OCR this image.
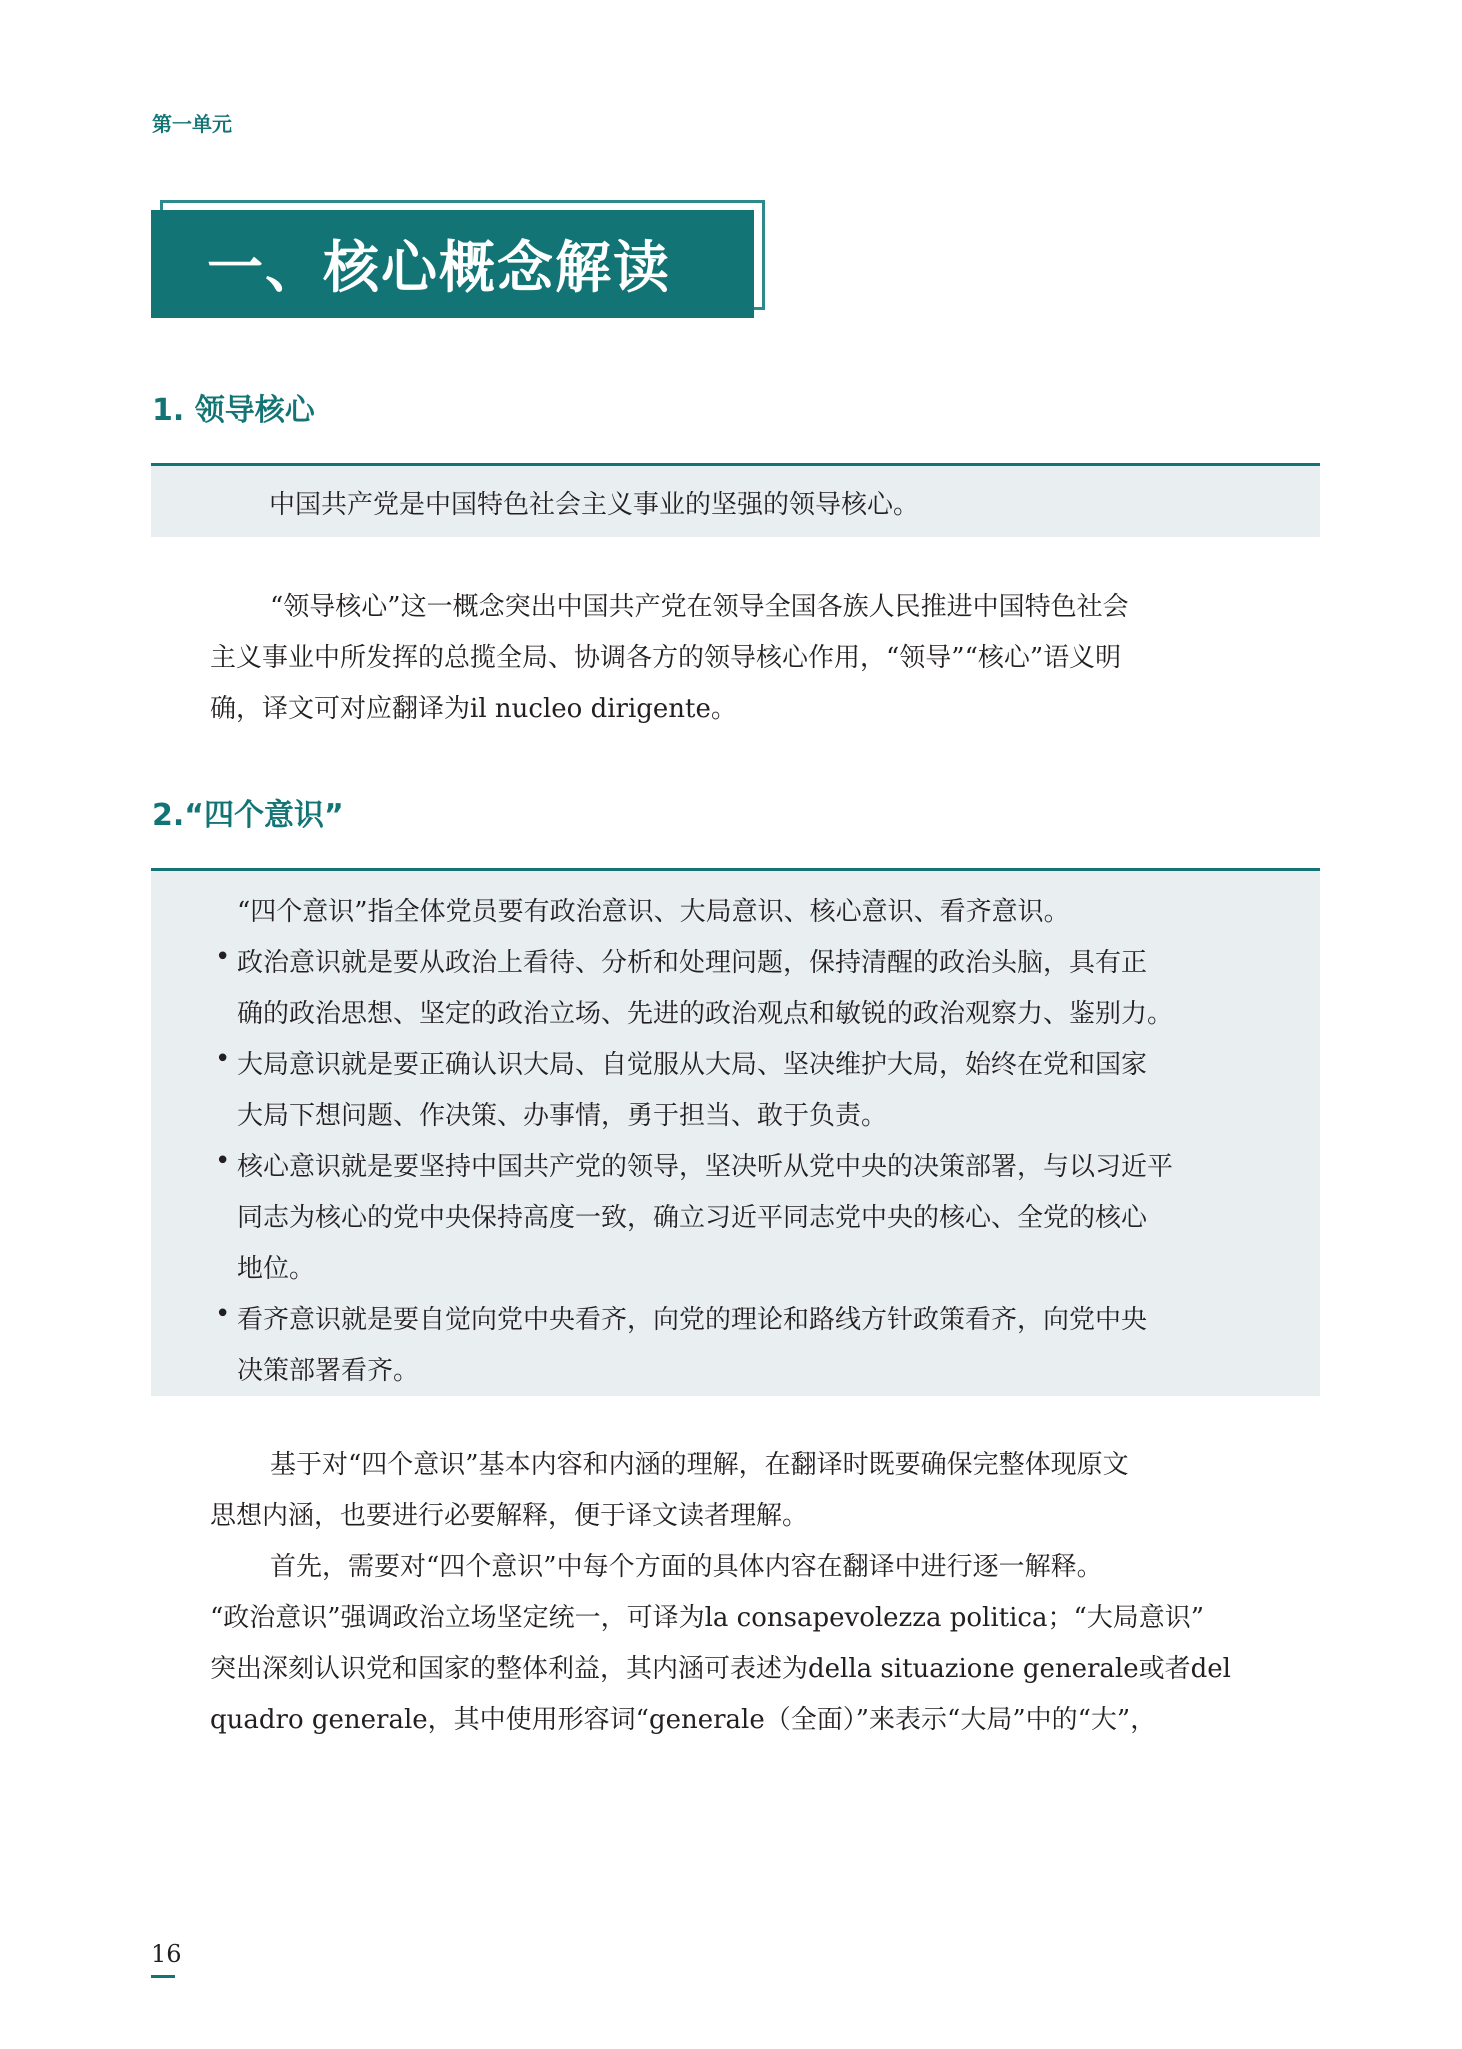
第一单元
一、核心概念解读
1. 领导核心
中国共产党是中国特色社会主义事业的坚强的领导核心。
“领导核心”这一概念突出中国共产党在领导全国各族人民推进中国特色社会
主义事业中所发挥的总揽全局、协调各方的领导核心作用，“领导”“核心”语义明
确，译文可对应翻译为il nucleo dirigente。
2.“四个意识”
“四个意识”指全体党员要有政治意识、大局意识、核心意识、看齐意识。
• 政治意识就是要从政治上看待、分析和处理问题，保持清醒的政治头脑，具有正
确的政治思想、坚定的政治立场、先进的政治观点和敏锐的政治观察力、鉴别力。
• 大局意识就是要正确认识大局、自觉服从大局、坚决维护大局，始终在党和国家
大局下想问题、作决策、办事情，勇于担当、敢于负责。
• 核心意识就是要坚持中国共产党的领导，坚决听从党中央的决策部署，与以习近平
同志为核心的党中央保持高度一致，确立习近平同志党中央的核心、全党的核心
地位。
• 看齐意识就是要自觉向党中央看齐，向党的理论和路线方针政策看齐，向党中央
决策部署看齐。
基于对“四个意识”基本内容和内涵的理解，在翻译时既要确保完整体现原文
思想内涵，也要进行必要解释，便于译文读者理解。
首先，需要对“四个意识”中每个方面的具体内容在翻译中进行逐一解释。
“政治意识”强调政治立场坚定统一，可译为la consapevolezza politica；“大局意识”
突出深刻认识党和国家的整体利益，其内涵可表述为della situazione generale或者del
quadro generale，其中使用形容词“generale（全面）”来表示“大局”中的“大”，
16
